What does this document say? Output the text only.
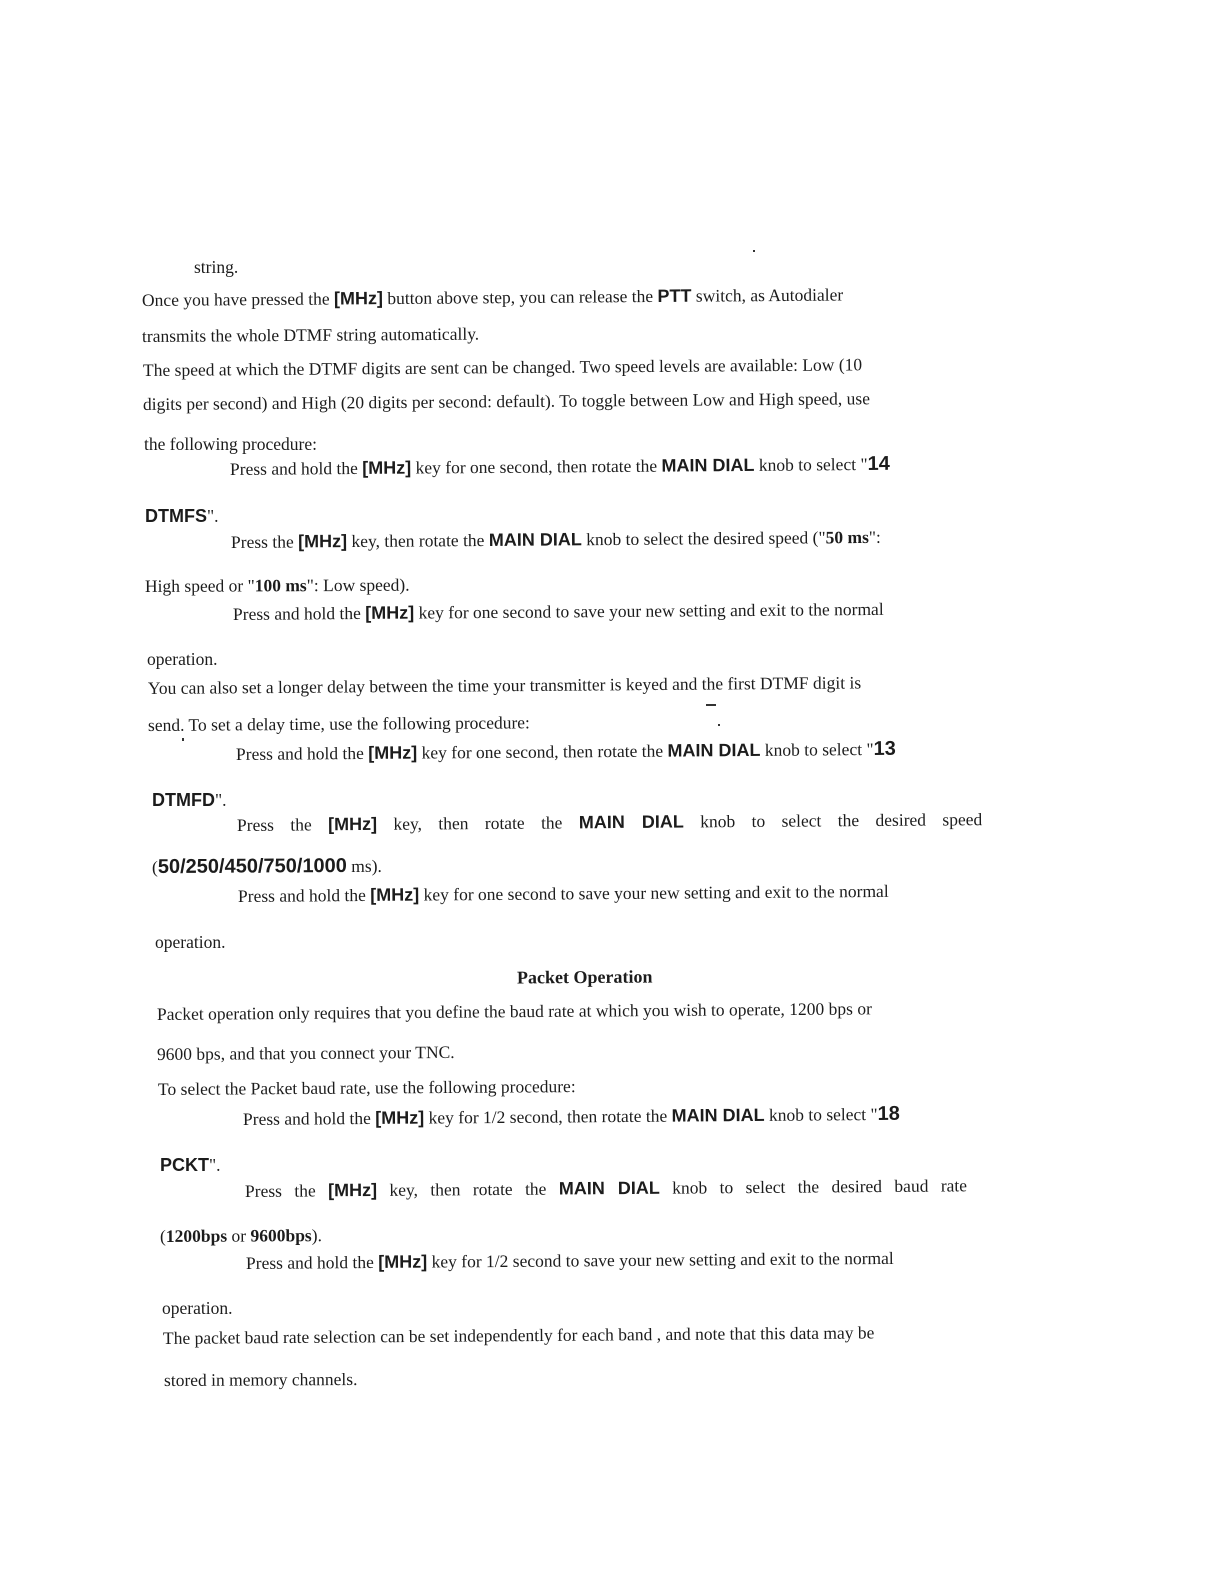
string.
Once you have pressed the [MHz] button above step, you can release the PTT switch, as Autodialer
transmits the whole DTMF string automatically.
The speed at which the DTMF digits are sent can be changed. Two speed levels are available: Low (10
digits per second) and High (20 digits per second: default). To toggle between Low and High speed, use
the following procedure:
Press and hold the [MHz] key for one second, then rotate the MAIN DIAL knob to select "14
DTMFS".
Press the [MHz] key, then rotate the MAIN DIAL knob to select the desired speed ("50 ms":
High speed or "100 ms": Low speed).
Press and hold the [MHz] key for one second to save your new setting and exit to the normal
operation.
You can also set a longer delay between the time your transmitter is keyed and the first DTMF digit is
send. To set a delay time, use the following procedure:
Press and hold the [MHz] key for one second, then rotate the MAIN DIAL knob to select "13
DTMFD".
Press the [MHz] key, then rotate the MAIN DIAL knob to select the desired speed
(50/250/450/750/1000 ms).
Press and hold the [MHz] key for one second to save your new setting and exit to the normal
operation.
Packet Operation
Packet operation only requires that you define the baud rate at which you wish to operate, 1200 bps or
9600 bps, and that you connect your TNC.
To select the Packet baud rate, use the following procedure:
Press and hold the [MHz] key for 1/2 second, then rotate the MAIN DIAL knob to select "18
PCKT".
Press the [MHz] key, then rotate the MAIN DIAL knob to select the desired baud rate
(1200bps or 9600bps).
Press and hold the [MHz] key for 1/2 second to save your new setting and exit to the normal
operation.
The packet baud rate selection can be set independently for each band , and note that this data may be
stored in memory channels.
